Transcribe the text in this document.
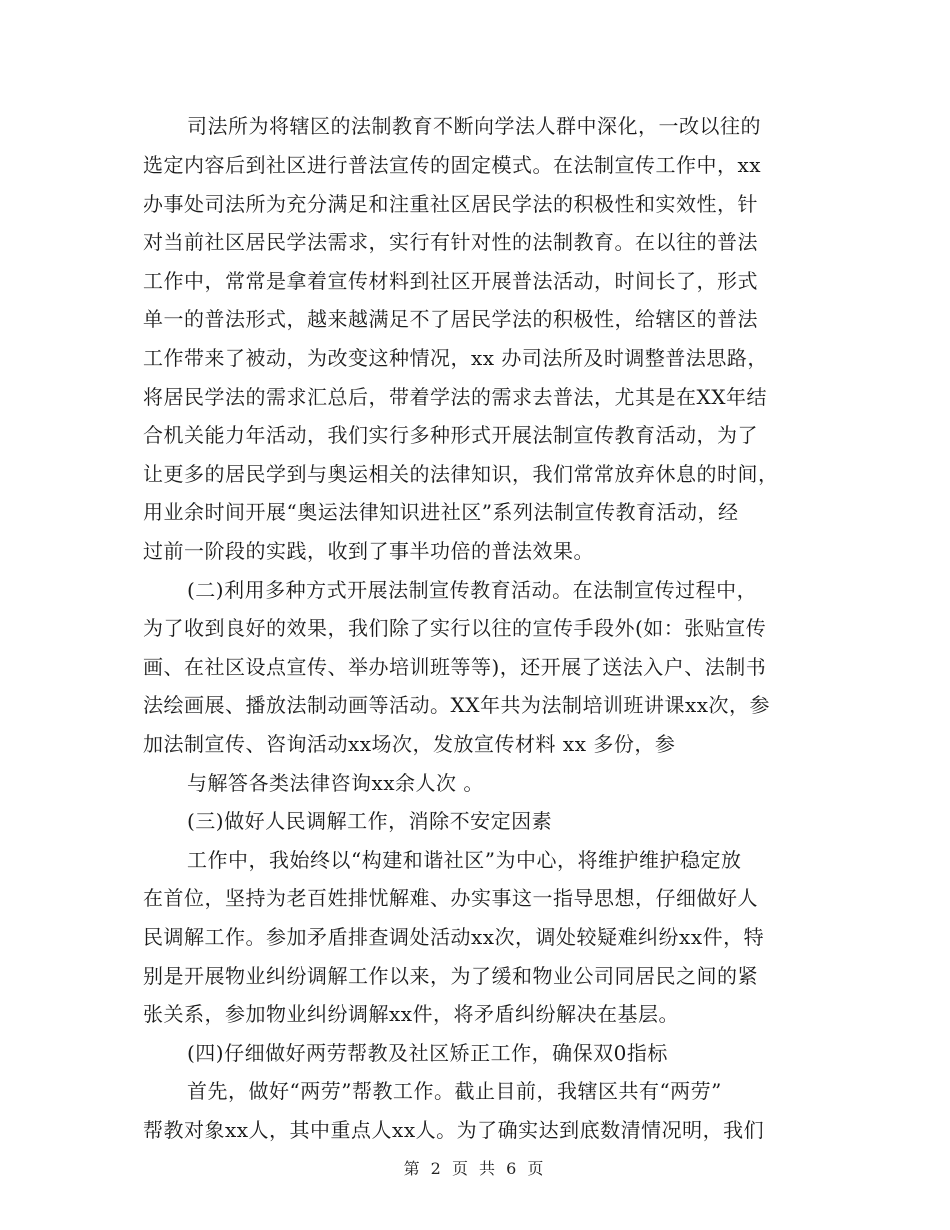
司法所为将辖区的法制教育不断向学法人群中深化，一改以往的
选定内容后到社区进行普法宣传的固定模式。在法制宣传工作中，xx
办事处司法所为充分满足和注重社区居民学法的积极性和实效性，针
对当前社区居民学法需求，实行有针对性的法制教育。在以往的普法
工作中，常常是拿着宣传材料到社区开展普法活动，时间长了，形式
单一的普法形式，越来越满足不了居民学法的积极性，给辖区的普法
工作带来了被动，为改变这种情况，xx 办司法所及时调整普法思路，
将居民学法的需求汇总后，带着学法的需求去普法，尤其是在XX年结
合机关能力年活动，我们实行多种形式开展法制宣传教育活动，为了
让更多的居民学到与奥运相关的法律知识，我们常常放弃休息的时间，
用业余时间开展“奥运法律知识进社区”系列法制宣传教育活动，经
过前一阶段的实践，收到了事半功倍的普法效果。
(二)利用多种方式开展法制宣传教育活动。在法制宣传过程中，
为了收到良好的效果，我们除了实行以往的宣传手段外(如：张贴宣传
画、在社区设点宣传、举办培训班等等)，还开展了送法入户、法制书
法绘画展、播放法制动画等活动。XX年共为法制培训班讲课xx次，参
加法制宣传、咨询活动xx场次，发放宣传材料 xx 多份，参
与解答各类法律咨询xx余人次 。
(三)做好人民调解工作，消除不安定因素
工作中，我始终以“构建和谐社区”为中心，将维护维护稳定放
在首位，坚持为老百姓排忧解难、办实事这一指导思想，仔细做好人
民调解工作。参加矛盾排查调处活动xx次，调处较疑难纠纷xx件，特
别是开展物业纠纷调解工作以来，为了缓和物业公司同居民之间的紧
张关系，参加物业纠纷调解xx件，将矛盾纠纷解决在基层。
(四)仔细做好两劳帮教及社区矫正工作，确保双0指标
首先，做好“两劳”帮教工作。截止目前，我辖区共有“两劳”
帮教对象xx人，其中重点人xx人。为了确实达到底数清情况明，我们
第 2 页 共 6 页
